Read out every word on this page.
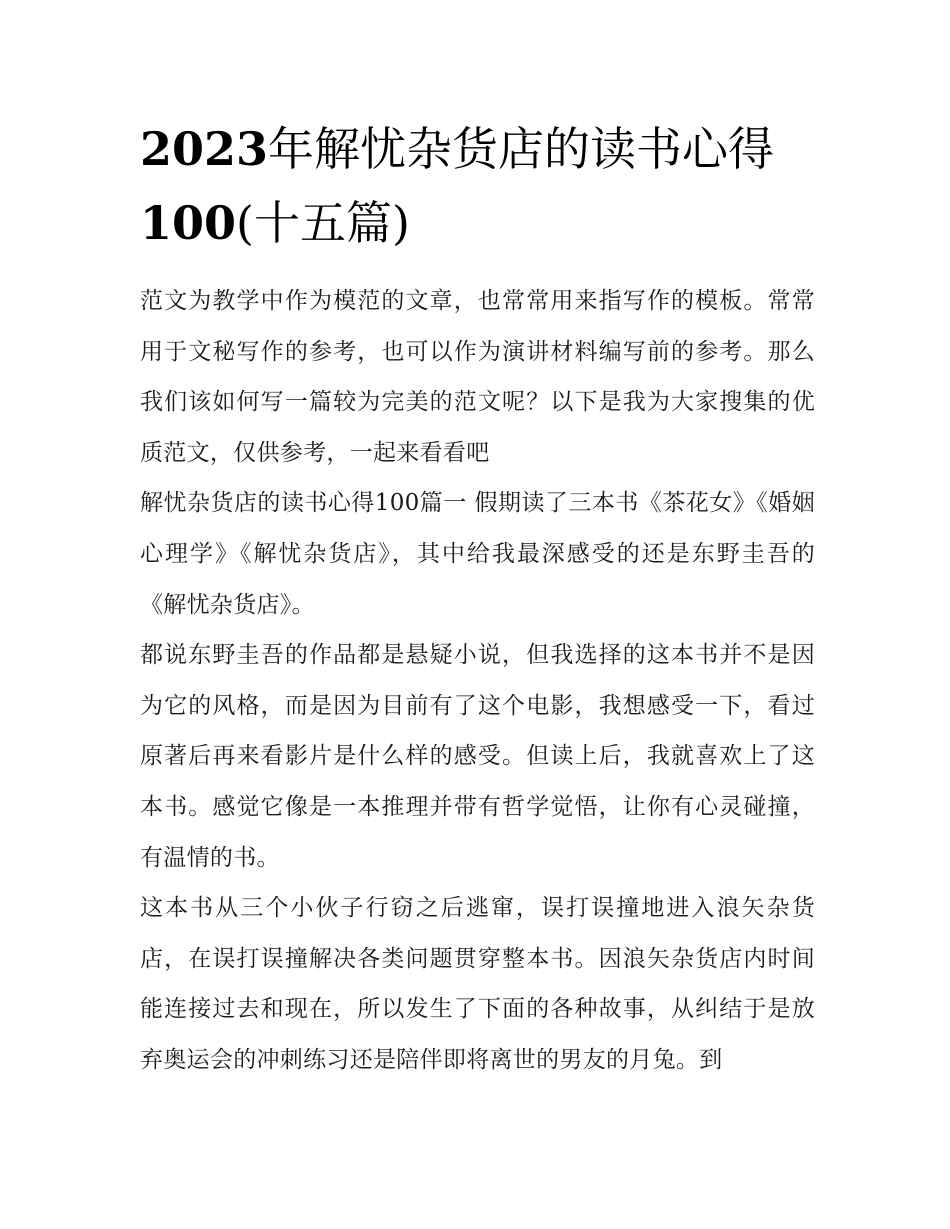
2023年解忧杂货店的读书心得
100(十五篇)

范文为教学中作为模范的文章，也常常用来指写作的模板。常常用于文秘写作的参考，也可以作为演讲材料编写前的参考。那么我们该如何写一篇较为完美的范文呢？以下是我为大家搜集的优质范文，仅供参考，一起来看看吧

解忧杂货店的读书心得100篇一 假期读了三本书《茶花女》《婚姻心理学》《解忧杂货店》，其中给我最深感受的还是东野圭吾的《解忧杂货店》。

都说东野圭吾的作品都是悬疑小说，但我选择的这本书并不是因为它的风格，而是因为目前有了这个电影，我想感受一下，看过原著后再来看影片是什么样的感受。但读上后，我就喜欢上了这本书。感觉它像是一本推理并带有哲学觉悟，让你有心灵碰撞，有温情的书。

这本书从三个小伙子行窃之后逃窜，误打误撞地进入浪矢杂货店，在误打误撞解决各类问题贯穿整本书。因浪矢杂货店内时间能连接过去和现在，所以发生了下面的各种故事，从纠结于是放弃奥运会的冲刺练习还是陪伴即将离世的男友的月兔。到
